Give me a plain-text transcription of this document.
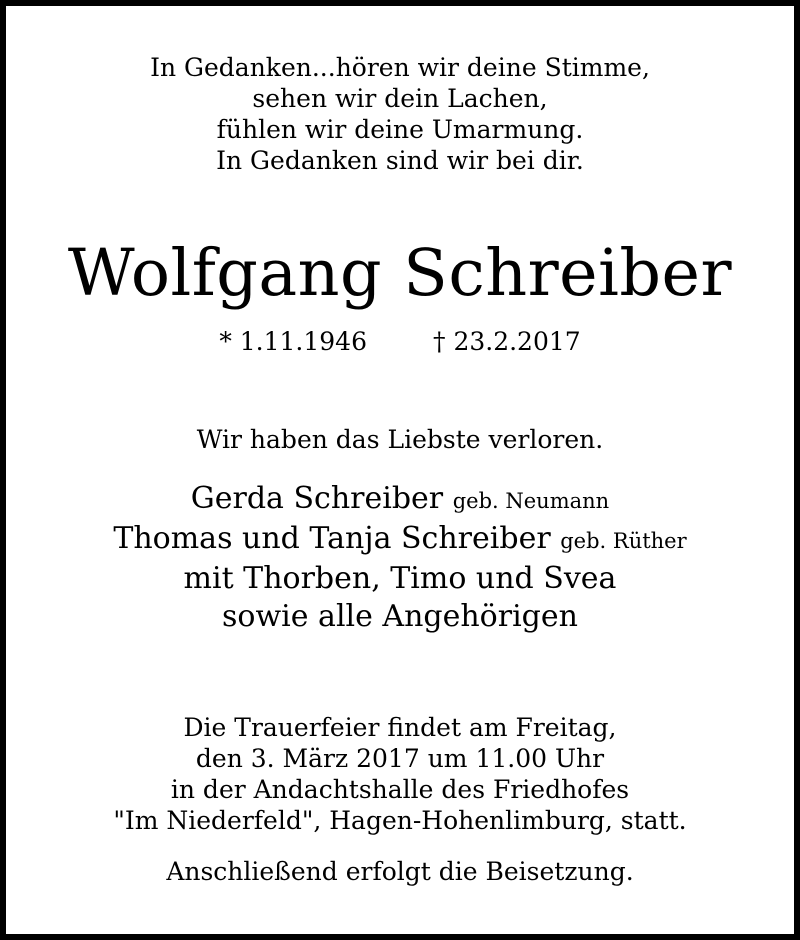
In Gedanken...hören wir deine Stimme,
sehen wir dein Lachen,
fühlen wir deine Umarmung.
In Gedanken sind wir bei dir.
Wolfgang Schreiber
* 1.11.1946	† 23.2.2017
Wir haben das Liebste verloren.
Gerda Schreiber geb. Neumann
Thomas und Tanja Schreiber geb. Rüther
mit Thorben, Timo und Svea
sowie alle Angehörigen
Die Trauerfeier findet am Freitag,
den 3. März 2017 um 11.00 Uhr
in der Andachtshalle des Friedhofes
"Im Niederfeld", Hagen-Hohenlimburg, statt.
Anschließend erfolgt die Beisetzung.
